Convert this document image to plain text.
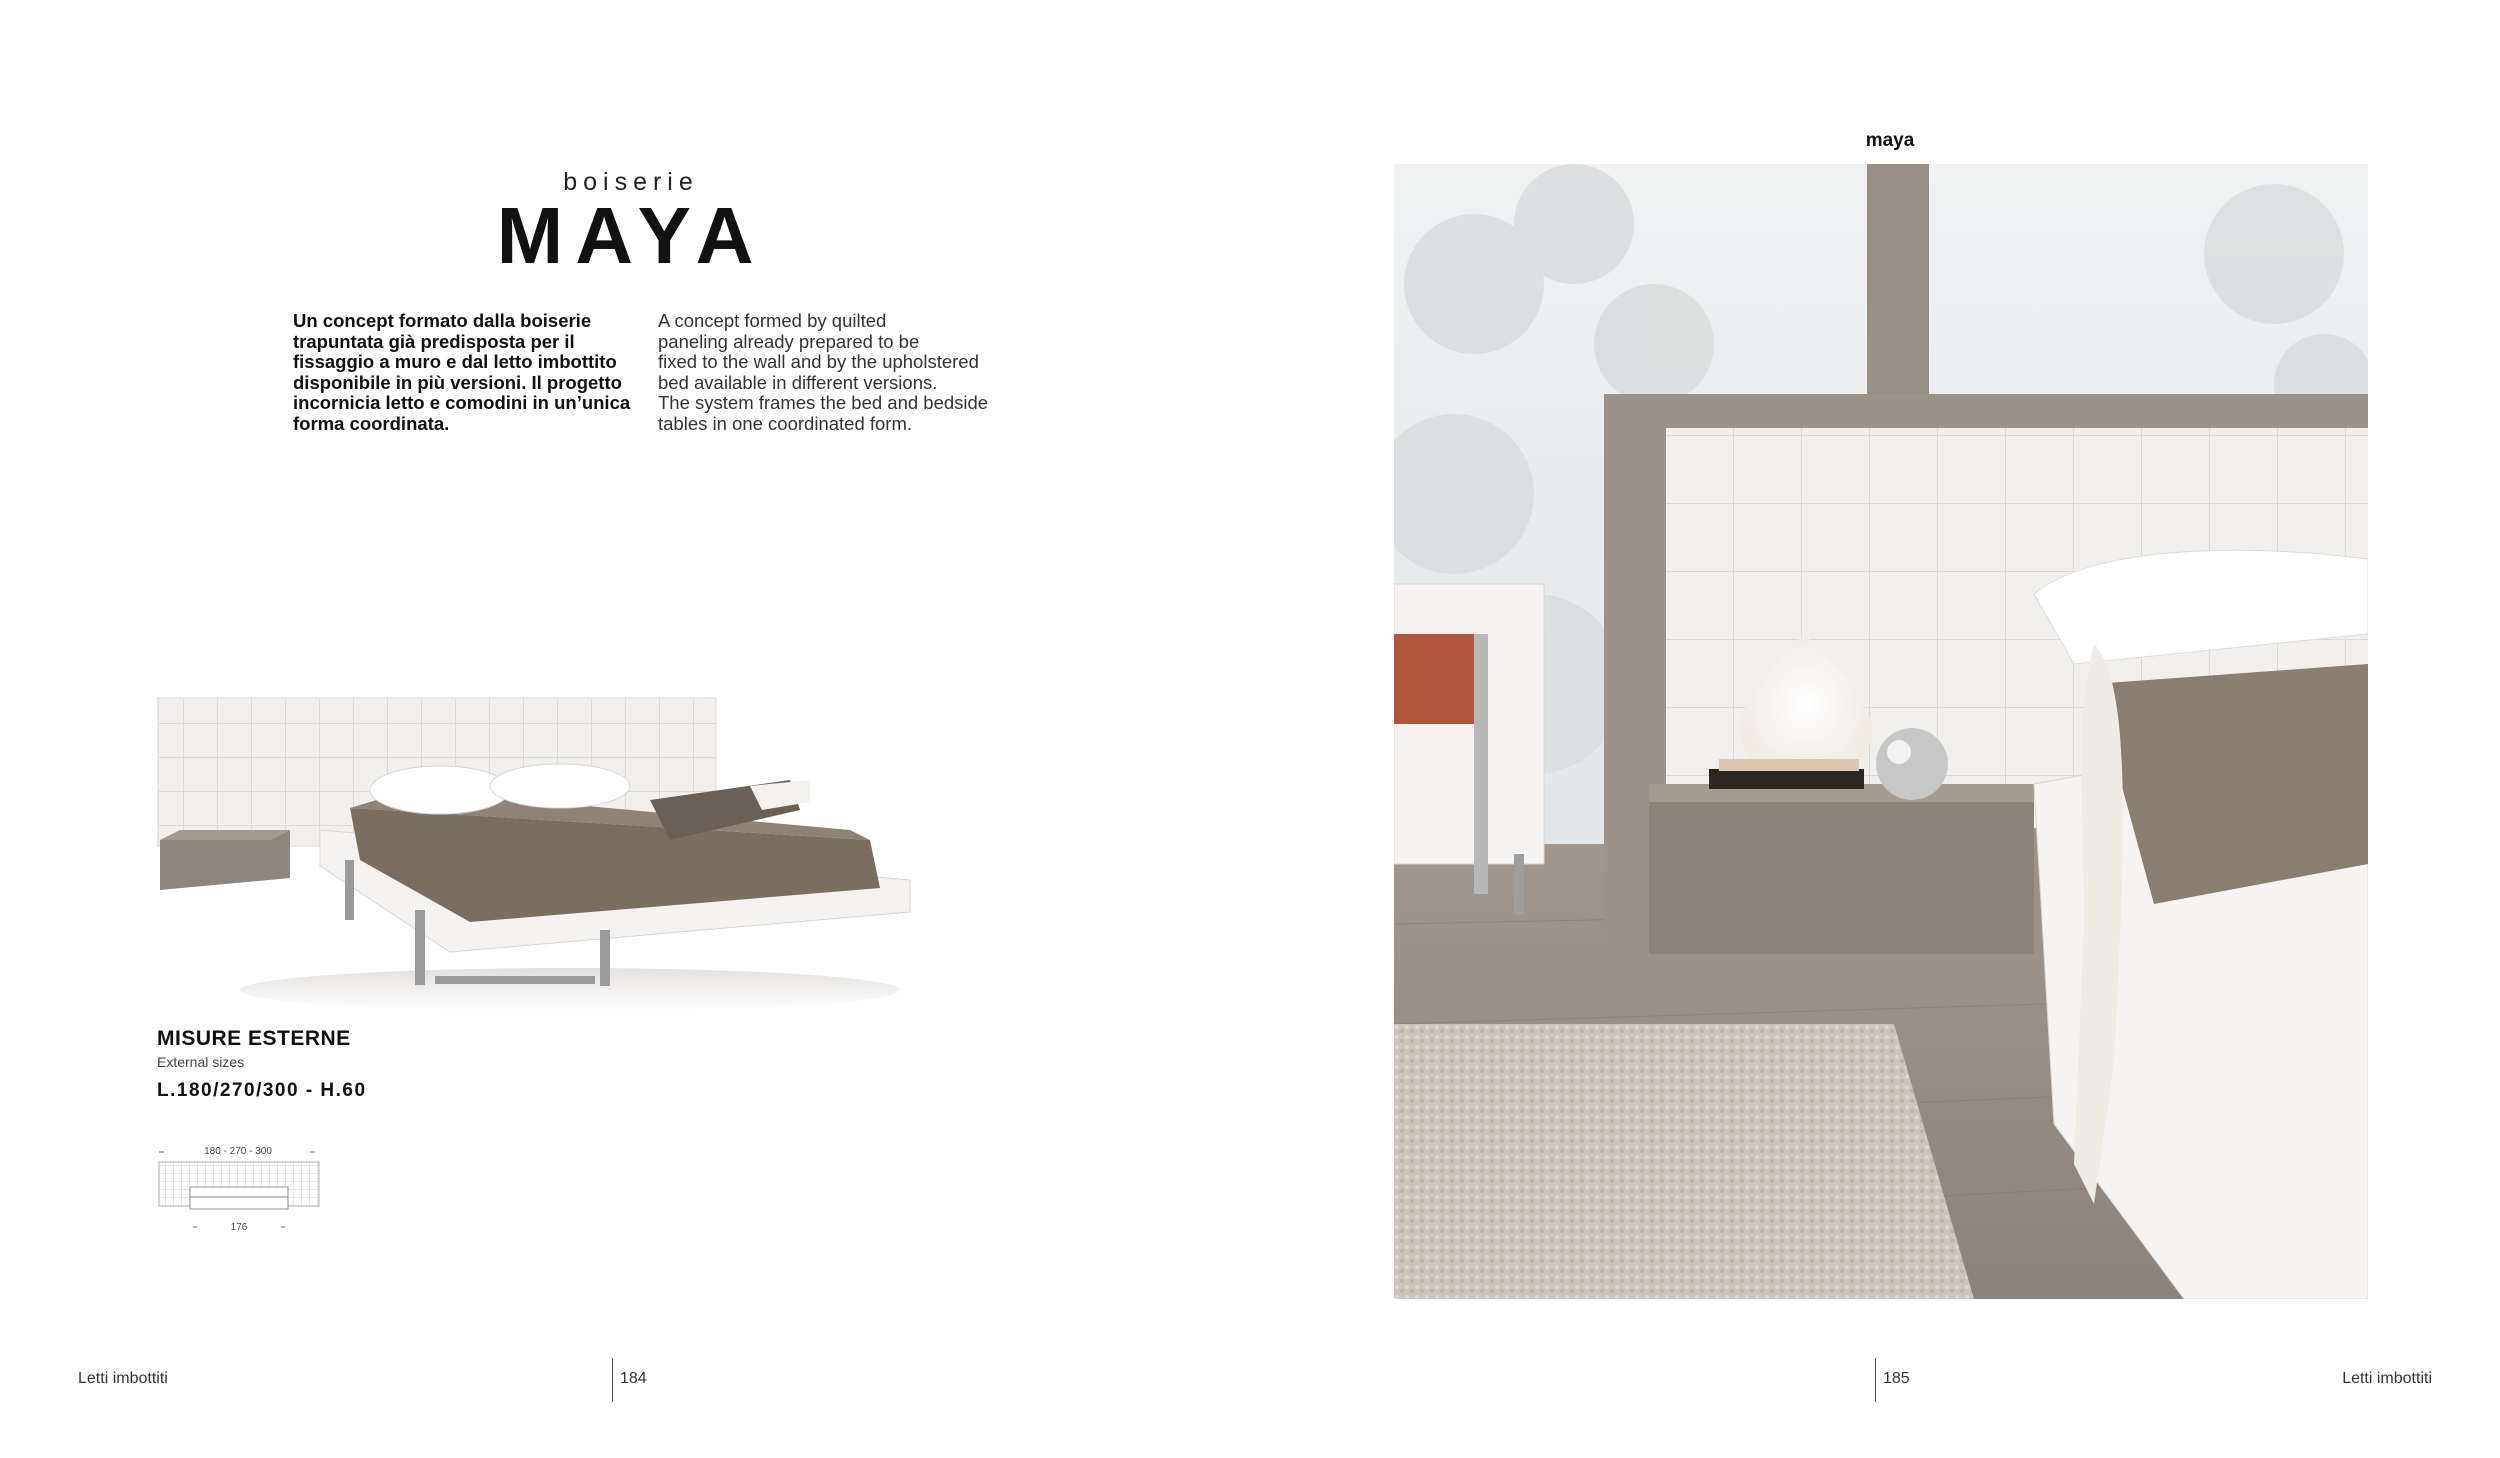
boiserie
MAYA
Un concept formato dalla boiserie
trapuntata già predisposta per il
fissaggio a muro e dal letto imbottito
disponibile in più versioni. Il progetto
incornicia letto e comodini in un’unica
forma coordinata.
A concept formed by quilted
paneling already prepared to be
fixed to the wall and by the upholstered
bed available in different versions.
The system frames the bed and bedside
tables in one coordinated form.
MISURE ESTERNE
External sizes
L.180/270/300 - H.60
180 - 270 - 300
176
Letti imbottiti	184
maya
185	Letti imbottiti
